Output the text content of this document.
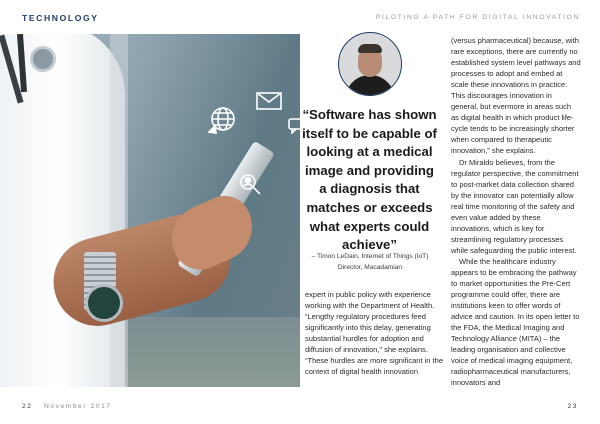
TECHNOLOGY	PILOTING A PATH FOR DIGITAL INNOVATION
“Software has shown itself to be capable of looking at a medical image and providing a diagnosis that matches or exceeds what experts could achieve”
– Timon LeDain, Internet of Things (IoT) Director, Macadamian

expert in public policy with experience working with the Department of Health. “Lengthy regulatory procedures feed significantly into this delay, generating substantial hurdles for adoption and diffusion of innovation,” she explains. “These hurdles are more significant in the context of digital health innovation

(versus pharmaceutical) because, with rare exceptions, there are currently no established system level pathways and processes to adopt and embed at scale these innovations in practice. This discourages innovation in general, but evermore in areas such as digital health in which product life-cycle tends to be increasingly shorter when compared to therapeutic innovation,” she explains.

Dr Miraldo believes, from the regulator perspective, the commitment to post-market data collection shared by the innovator can potentially allow real time monitoring of the safety and even value added by these innovations, which is key for streamlining regulatory processes while safeguarding the public interest.

While the healthcare industry appears to be embracing the pathway to market opportunities the Pre-Cert programme could offer, there are institutions keen to offer words of advice and caution. In its open letter to the FDA, the Medical Imaging and Technology Alliance (MITA) – the leading organisation and collective voice of medical imaging equipment, radiopharmaceutical manufacturers, innovators and

22 November 2017	23
